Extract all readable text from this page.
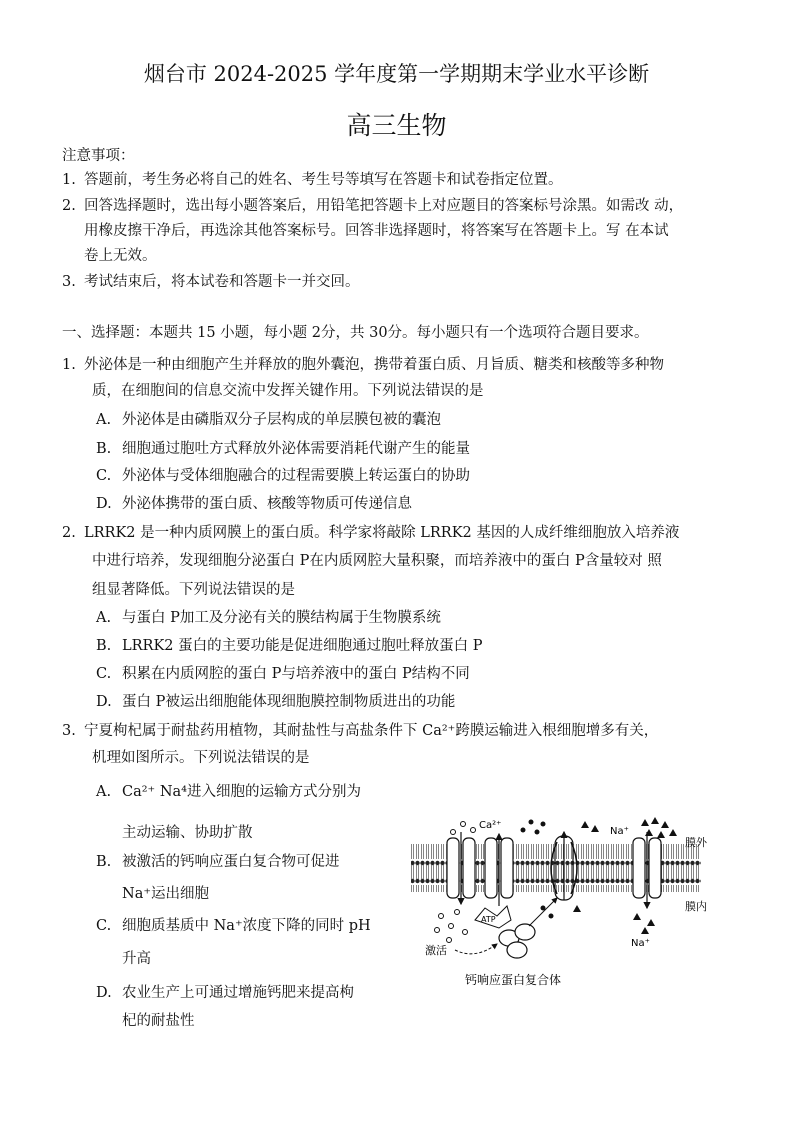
烟台市 2024-2025 学年度第一学期期末学业水平诊断
高三生物
注意事项：
1. 答题前，考生务必将自己的姓名、考生号等填写在答题卡和试卷指定位置。
2. 回答选择题时，选出每小题答案后，用铅笔把答题卡上对应题目的答案标号涂黑。如需改 动，
用橡皮擦干净后，再选涂其他答案标号。回答非选择题时，将答案写在答题卡上。写 在本试
卷上无效。
3. 考试结束后，将本试卷和答题卡一并交回。
一、选择题：本题共 15 小题，每小题 2分，共 30分。每小题只有一个选项符合题目要求。
1. 外泌体是一种由细胞产生并释放的胞外囊泡，携带着蛋白质、月旨质、糖类和核酸等多种物
质，在细胞间的信息交流中发挥关键作用。下列说法错误的是
A. 外泌体是由磷脂双分子层构成的单层膜包被的囊泡
B. 细胞通过胞吐方式释放外泌体需要消耗代谢产生的能量
C. 外泌体与受体细胞融合的过程需要膜上转运蛋白的协助
D. 外泌体携带的蛋白质、核酸等物质可传递信息
2. LRRK2 是一种内质网膜上的蛋白质。科学家将敲除 LRRK2 基因的人成纤维细胞放入培养液
中进行培养，发现细胞分泌蛋白 P在内质网腔大量积聚，而培养液中的蛋白 P含量较对 照
组显著降低。下列说法错误的是
A. 与蛋白 P加工及分泌有关的膜结构属于生物膜系统
B. LRRK2 蛋白的主要功能是促进细胞通过胞吐释放蛋白 P
C. 积累在内质网腔的蛋白 P与培养液中的蛋白 P结构不同
D. 蛋白 P被运出细胞能体现细胞膜控制物质进出的功能
3. 宁夏枸杞属于耐盐药用植物，其耐盐性与高盐条件下 Ca²⁺跨膜运输进入根细胞增多有关，
机理如图所示。下列说法错误的是
A. Ca²⁺ Na⁴进入细胞的运输方式分别为
主动运输、协助扩散
B. 被激活的钙响应蛋白复合物可促进
Na⁺运出细胞
C. 细胞质基质中 Na⁺浓度下降的同时 pH
升高
D. 农业生产上可通过增施钙肥来提高枸
杞的耐盐性
ATP
Ca²⁺
Na⁺
膜外
膜内
Na⁺
激活
钙响应蛋白复合体
